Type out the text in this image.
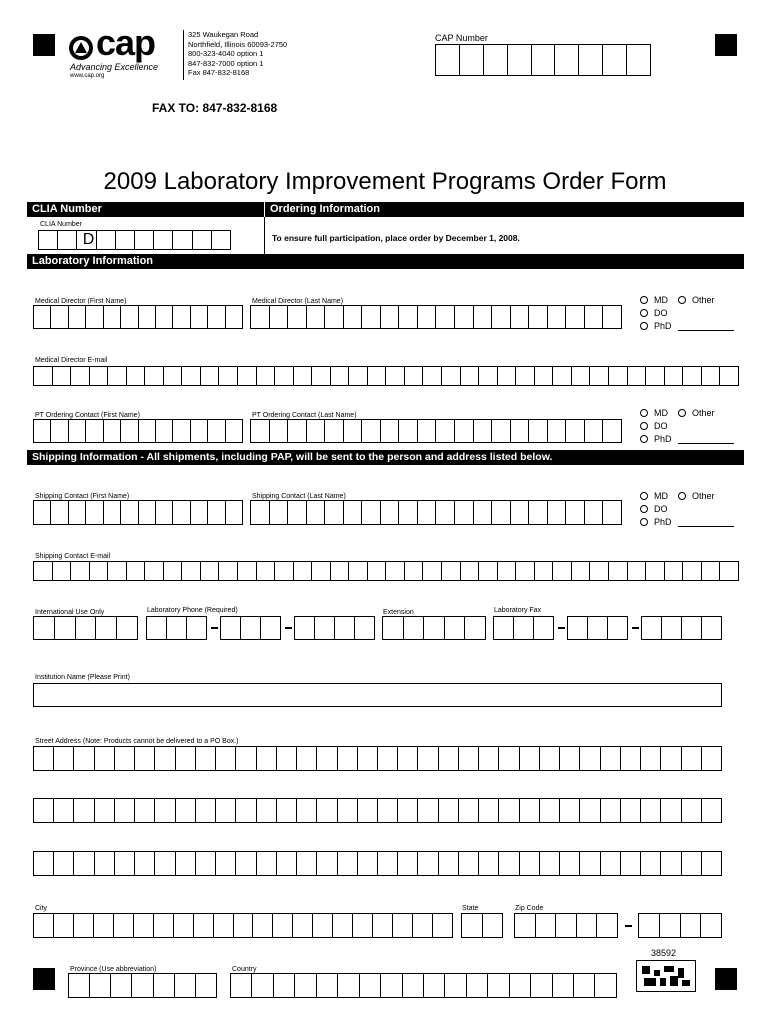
cap
Advancing Excellence
www.cap.org
325 Waukegan Road
Northfield, Illinois 60093-2750
800-323-4040 option 1
847-832-7000 option 1
Fax 847-832-8168
CAP Number
FAX TO: 847-832-8168
2009 Laboratory Improvement Programs Order Form
CLIA Number	Ordering Information
CLIA Number
D	To ensure full participation, place order by December 1, 2008.
Laboratory Information
Medical Director (First Name)	Medical Director (Last Name)	MD
DO
PhD
Other
Medical Director E-mail
PT Ordering Contact (First Name)	PT Ordering Contact (Last Name)	MD
DO
PhD
Other
Shipping Information - All shipments, including PAP, will be sent to the person and address listed below.
Shipping Contact (First Name)	Shipping Contact (Last Name)	MD
DO
PhD
Other
Shipping Contact E-mail
International Use Only	Laboratory Phone (Required)	Extension	Laboratory Fax
Institution Name (Please Print)
Street Address (Note: Products cannot be delivered to a PO Box.)
City	State	Zip Code
Province (Use abbreviation)	Country
38592
